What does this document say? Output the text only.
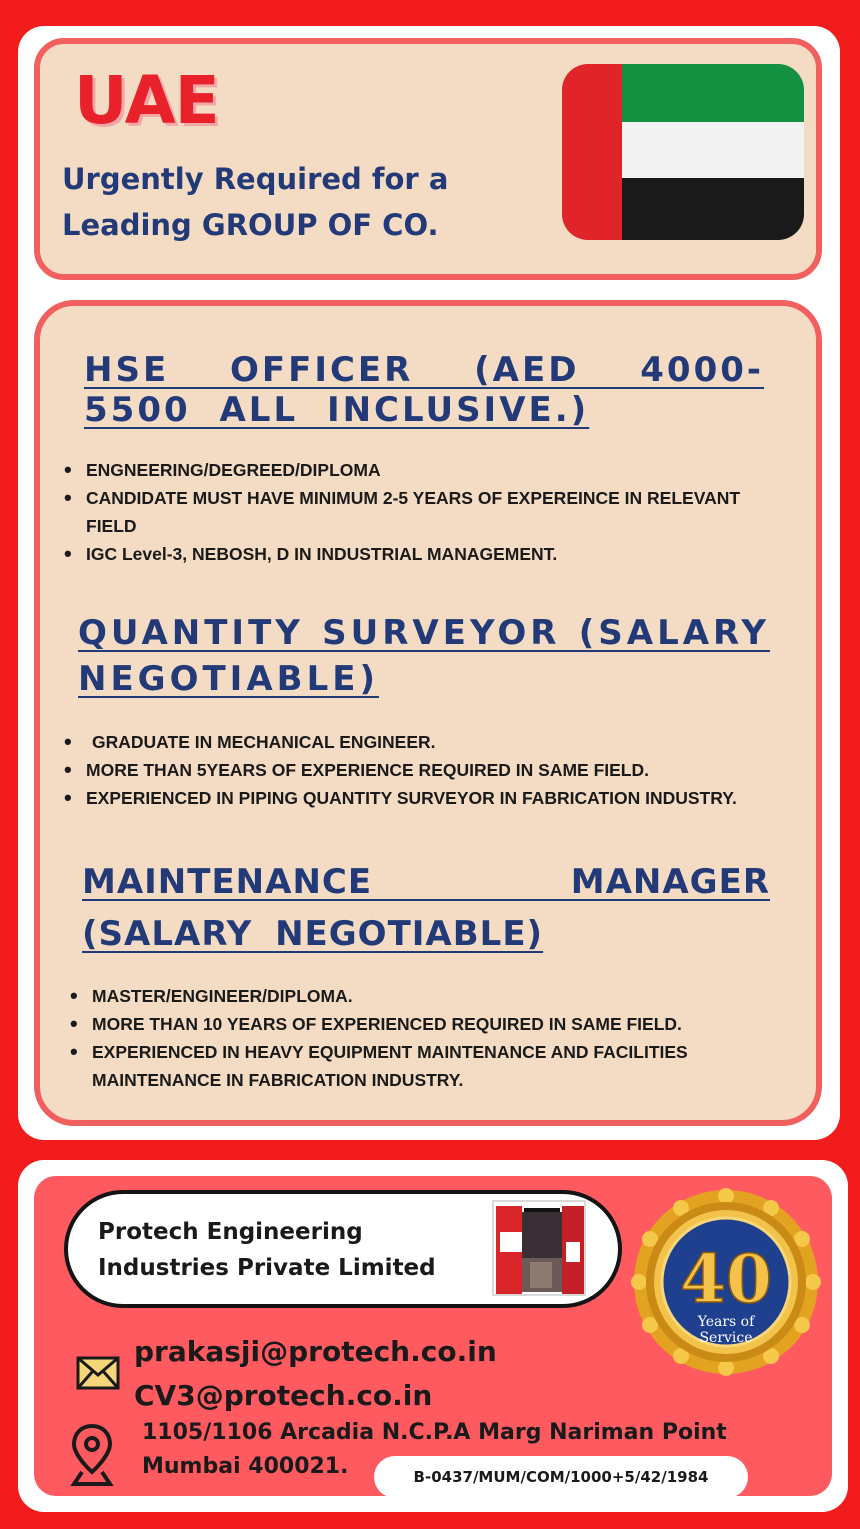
UAE
Urgently Required for a
Leading GROUP OF CO.
HSE OFFICER (AED 4000-5500 ALL INCLUSIVE.)
• ENGNEERING/DEGREED/DIPLOMA
• CANDIDATE MUST HAVE MINIMUM 2-5 YEARS OF EXPEREINCE IN RELEVANT FIELD
• IGC Level-3, NEBOSH, D IN INDUSTRIAL MANAGEMENT.
QUANTITY SURVEYOR (SALARY NEGOTIABLE)
• GRADUATE IN MECHANICAL ENGINEER.
• MORE THAN 5YEARS OF EXPERIENCE REQUIRED IN SAME FIELD.
• EXPERIENCED IN PIPING QUANTITY SURVEYOR IN FABRICATION INDUSTRY.
MAINTENANCE MANAGER (SALARY NEGOTIABLE)
• MASTER/ENGINEER/DIPLOMA.
• MORE THAN 10 YEARS OF EXPERIENCED REQUIRED IN SAME FIELD.
• EXPERIENCED IN HEAVY EQUIPMENT MAINTENANCE AND FACILITIES MAINTENANCE IN FABRICATION INDUSTRY.
Protech Engineering
Industries Private Limited	40
Years of
Service
prakasji@protech.co.in
CV3@protech.co.in
1105/1106 Arcadia N.C.P.A Marg Nariman Point
Mumbai 400021.	B-0437/MUM/COM/1000+5/42/1984
